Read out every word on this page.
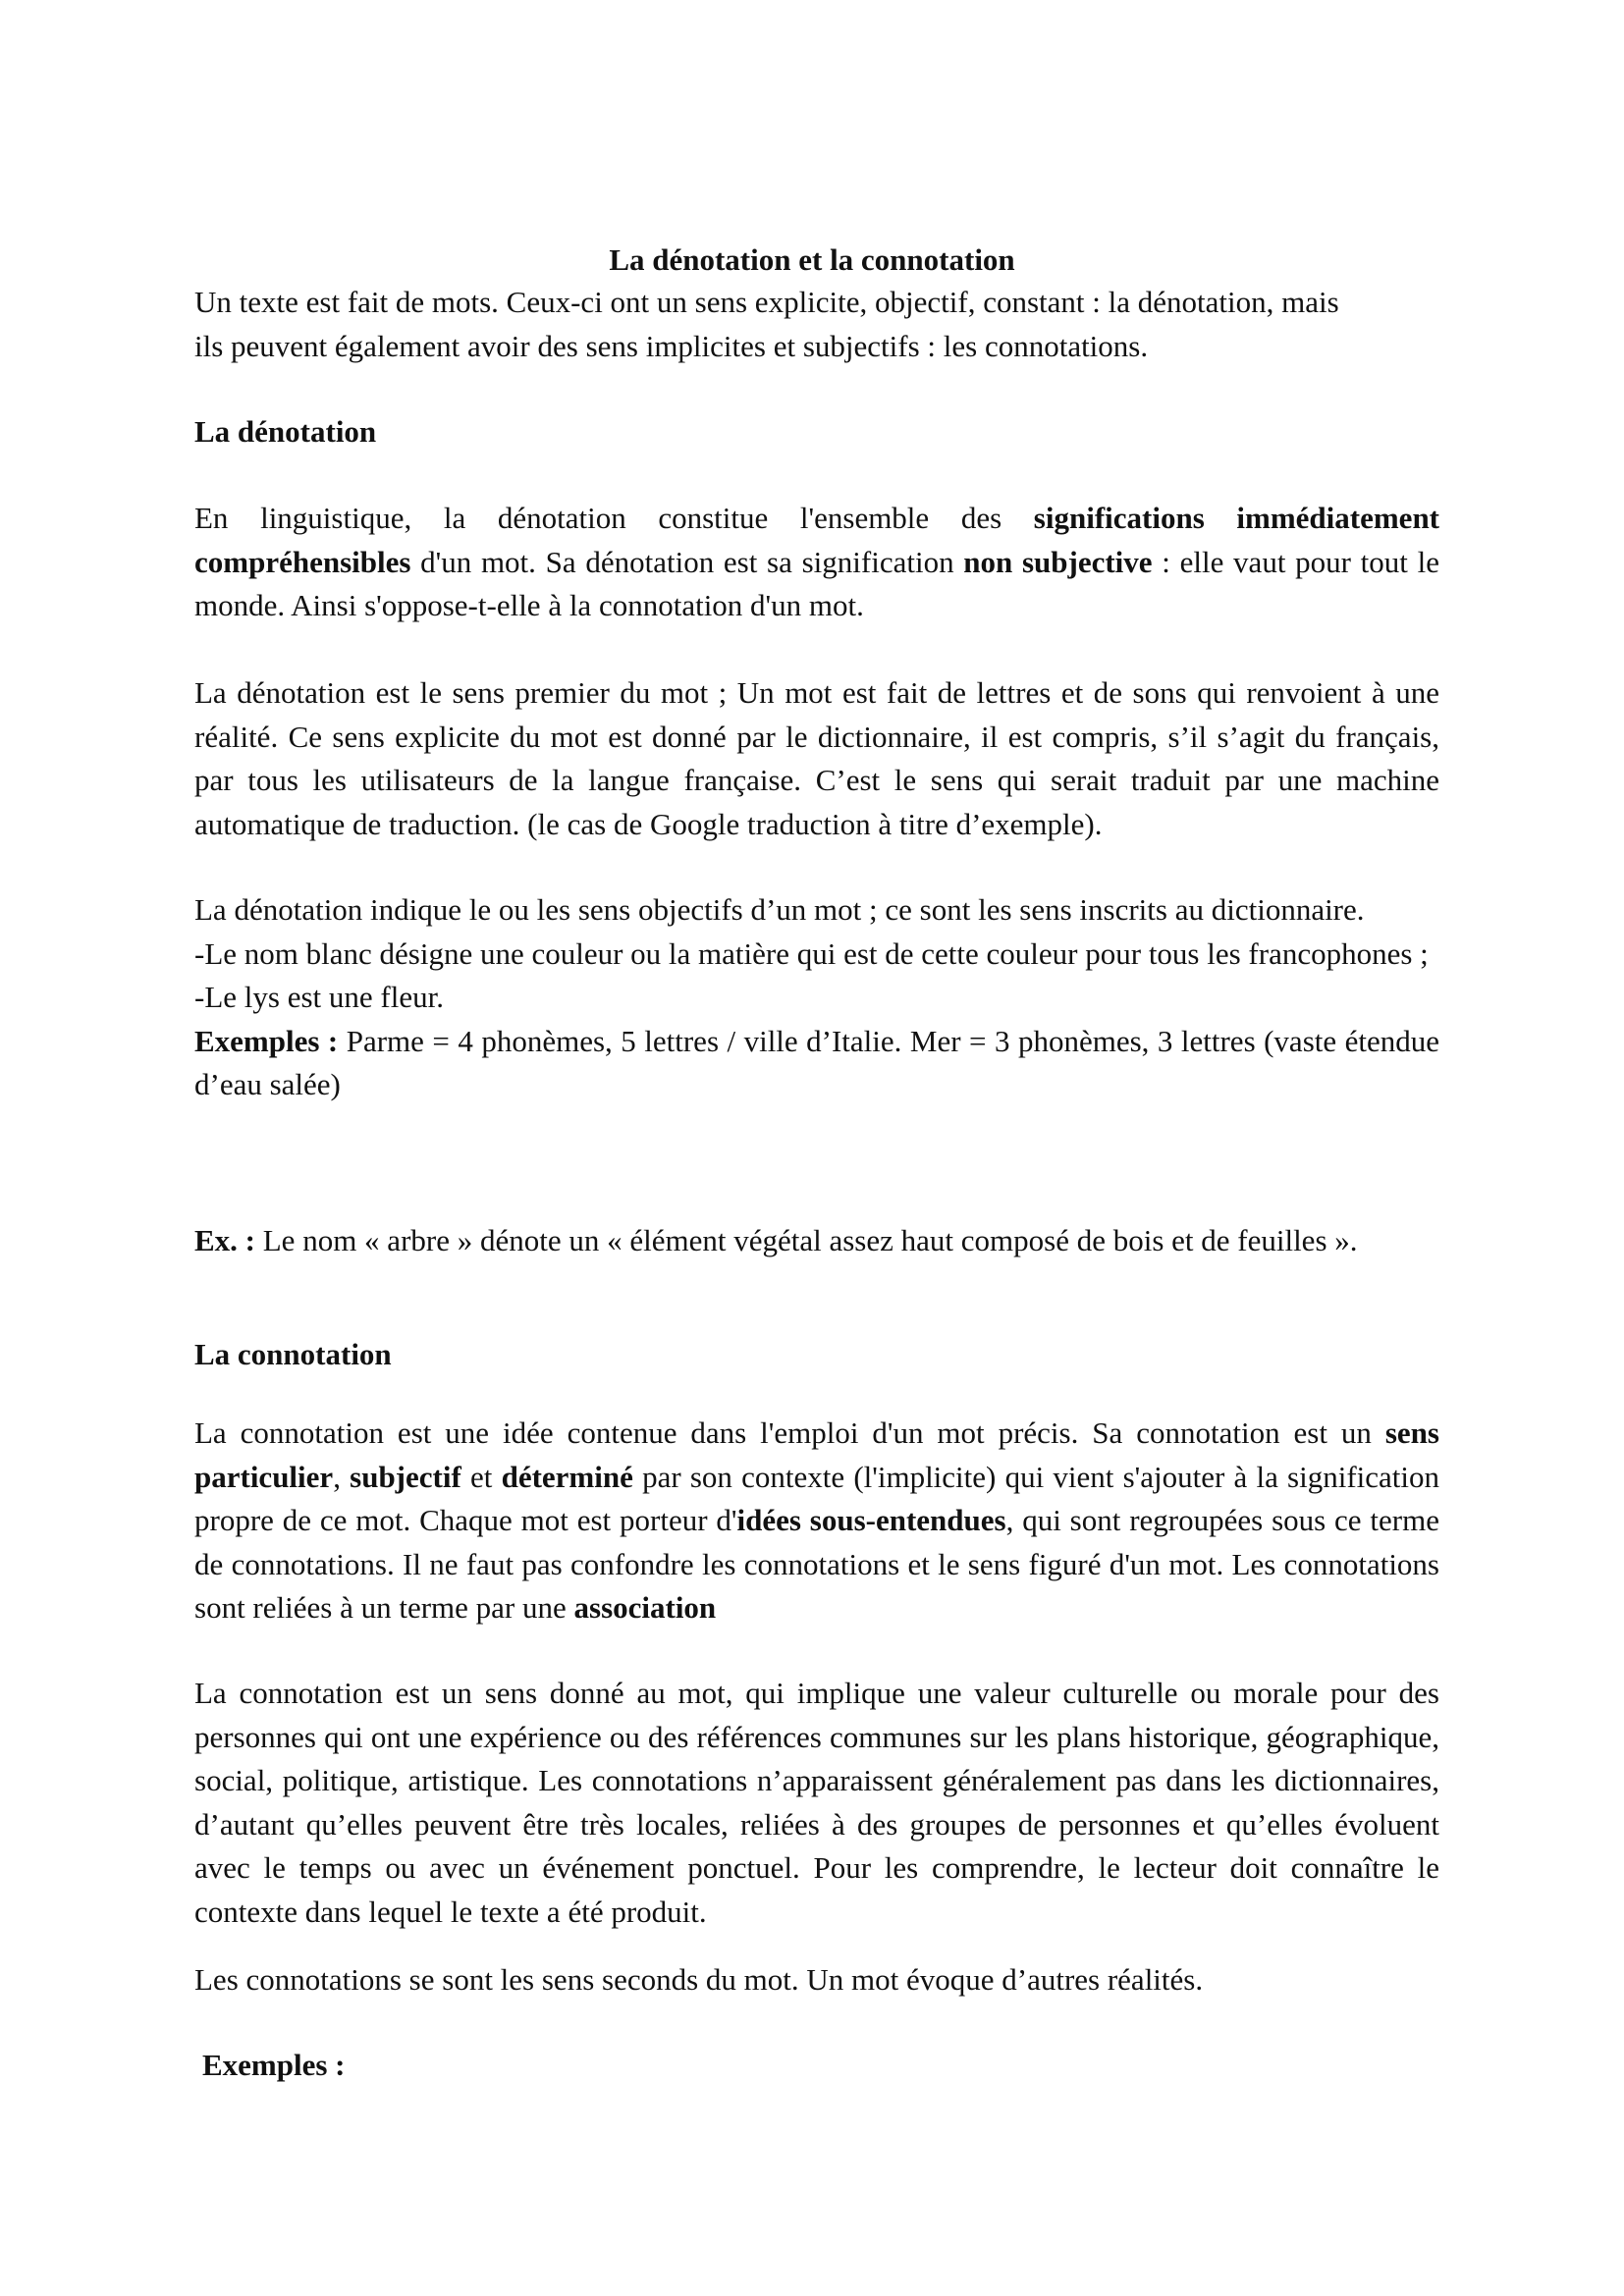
La dénotation et la connotation

Un texte est fait de mots. Ceux-ci ont un sens explicite, objectif, constant : la dénotation, mais

ils peuvent également avoir des sens implicites et subjectifs : les connotations.

La dénotation

En linguistique, la dénotation constitue l'ensemble des significations immédiatement compréhensibles d'un mot. Sa dénotation est sa signification non subjective : elle vaut pour tout le monde. Ainsi s'oppose-t-elle à la connotation d'un mot.

La dénotation est le sens premier du mot ; Un mot est fait de lettres et de sons qui renvoient à une réalité. Ce sens explicite du mot est donné par le dictionnaire, il est compris, s’il s’agit du français, par tous les utilisateurs de la langue française. C’est le sens qui serait traduit par une machine automatique de traduction. (le cas de Google traduction à titre d’exemple).

La dénotation indique le ou les sens objectifs d’un mot ; ce sont les sens inscrits au dictionnaire.

-Le nom blanc désigne une couleur ou la matière qui est de cette couleur pour tous les francophones ;

-Le lys est une fleur.

Exemples : Parme = 4 phonèmes, 5 lettres / ville d’Italie. Mer = 3 phonèmes, 3 lettres (vaste étendue d’eau salée)

Ex. : Le nom « arbre » dénote un « élément végétal assez haut composé de bois et de feuilles ».

La connotation

La connotation est une idée contenue dans l'emploi d'un mot précis. Sa connotation est un sens particulier, subjectif et déterminé par son contexte (l'implicite) qui vient s'ajouter à la signification propre de ce mot. Chaque mot est porteur d'idées sous-entendues, qui sont regroupées sous ce terme de connotations. Il ne faut pas confondre les connotations et le sens figuré d'un mot. Les connotations sont reliées à un terme par une association

La connotation est un sens donné au mot, qui implique une valeur culturelle ou morale pour des personnes qui ont une expérience ou des références communes sur les plans historique, géographique, social, politique, artistique. Les connotations n’apparaissent généralement pas dans les dictionnaires, d’autant qu’elles peuvent être très locales, reliées à des groupes de personnes et qu’elles évoluent avec le temps ou avec un événement ponctuel. Pour les comprendre, le lecteur doit connaître le contexte dans lequel le texte a été produit.

Les connotations se sont les sens seconds du mot. Un mot évoque d’autres réalités.

Exemples :
